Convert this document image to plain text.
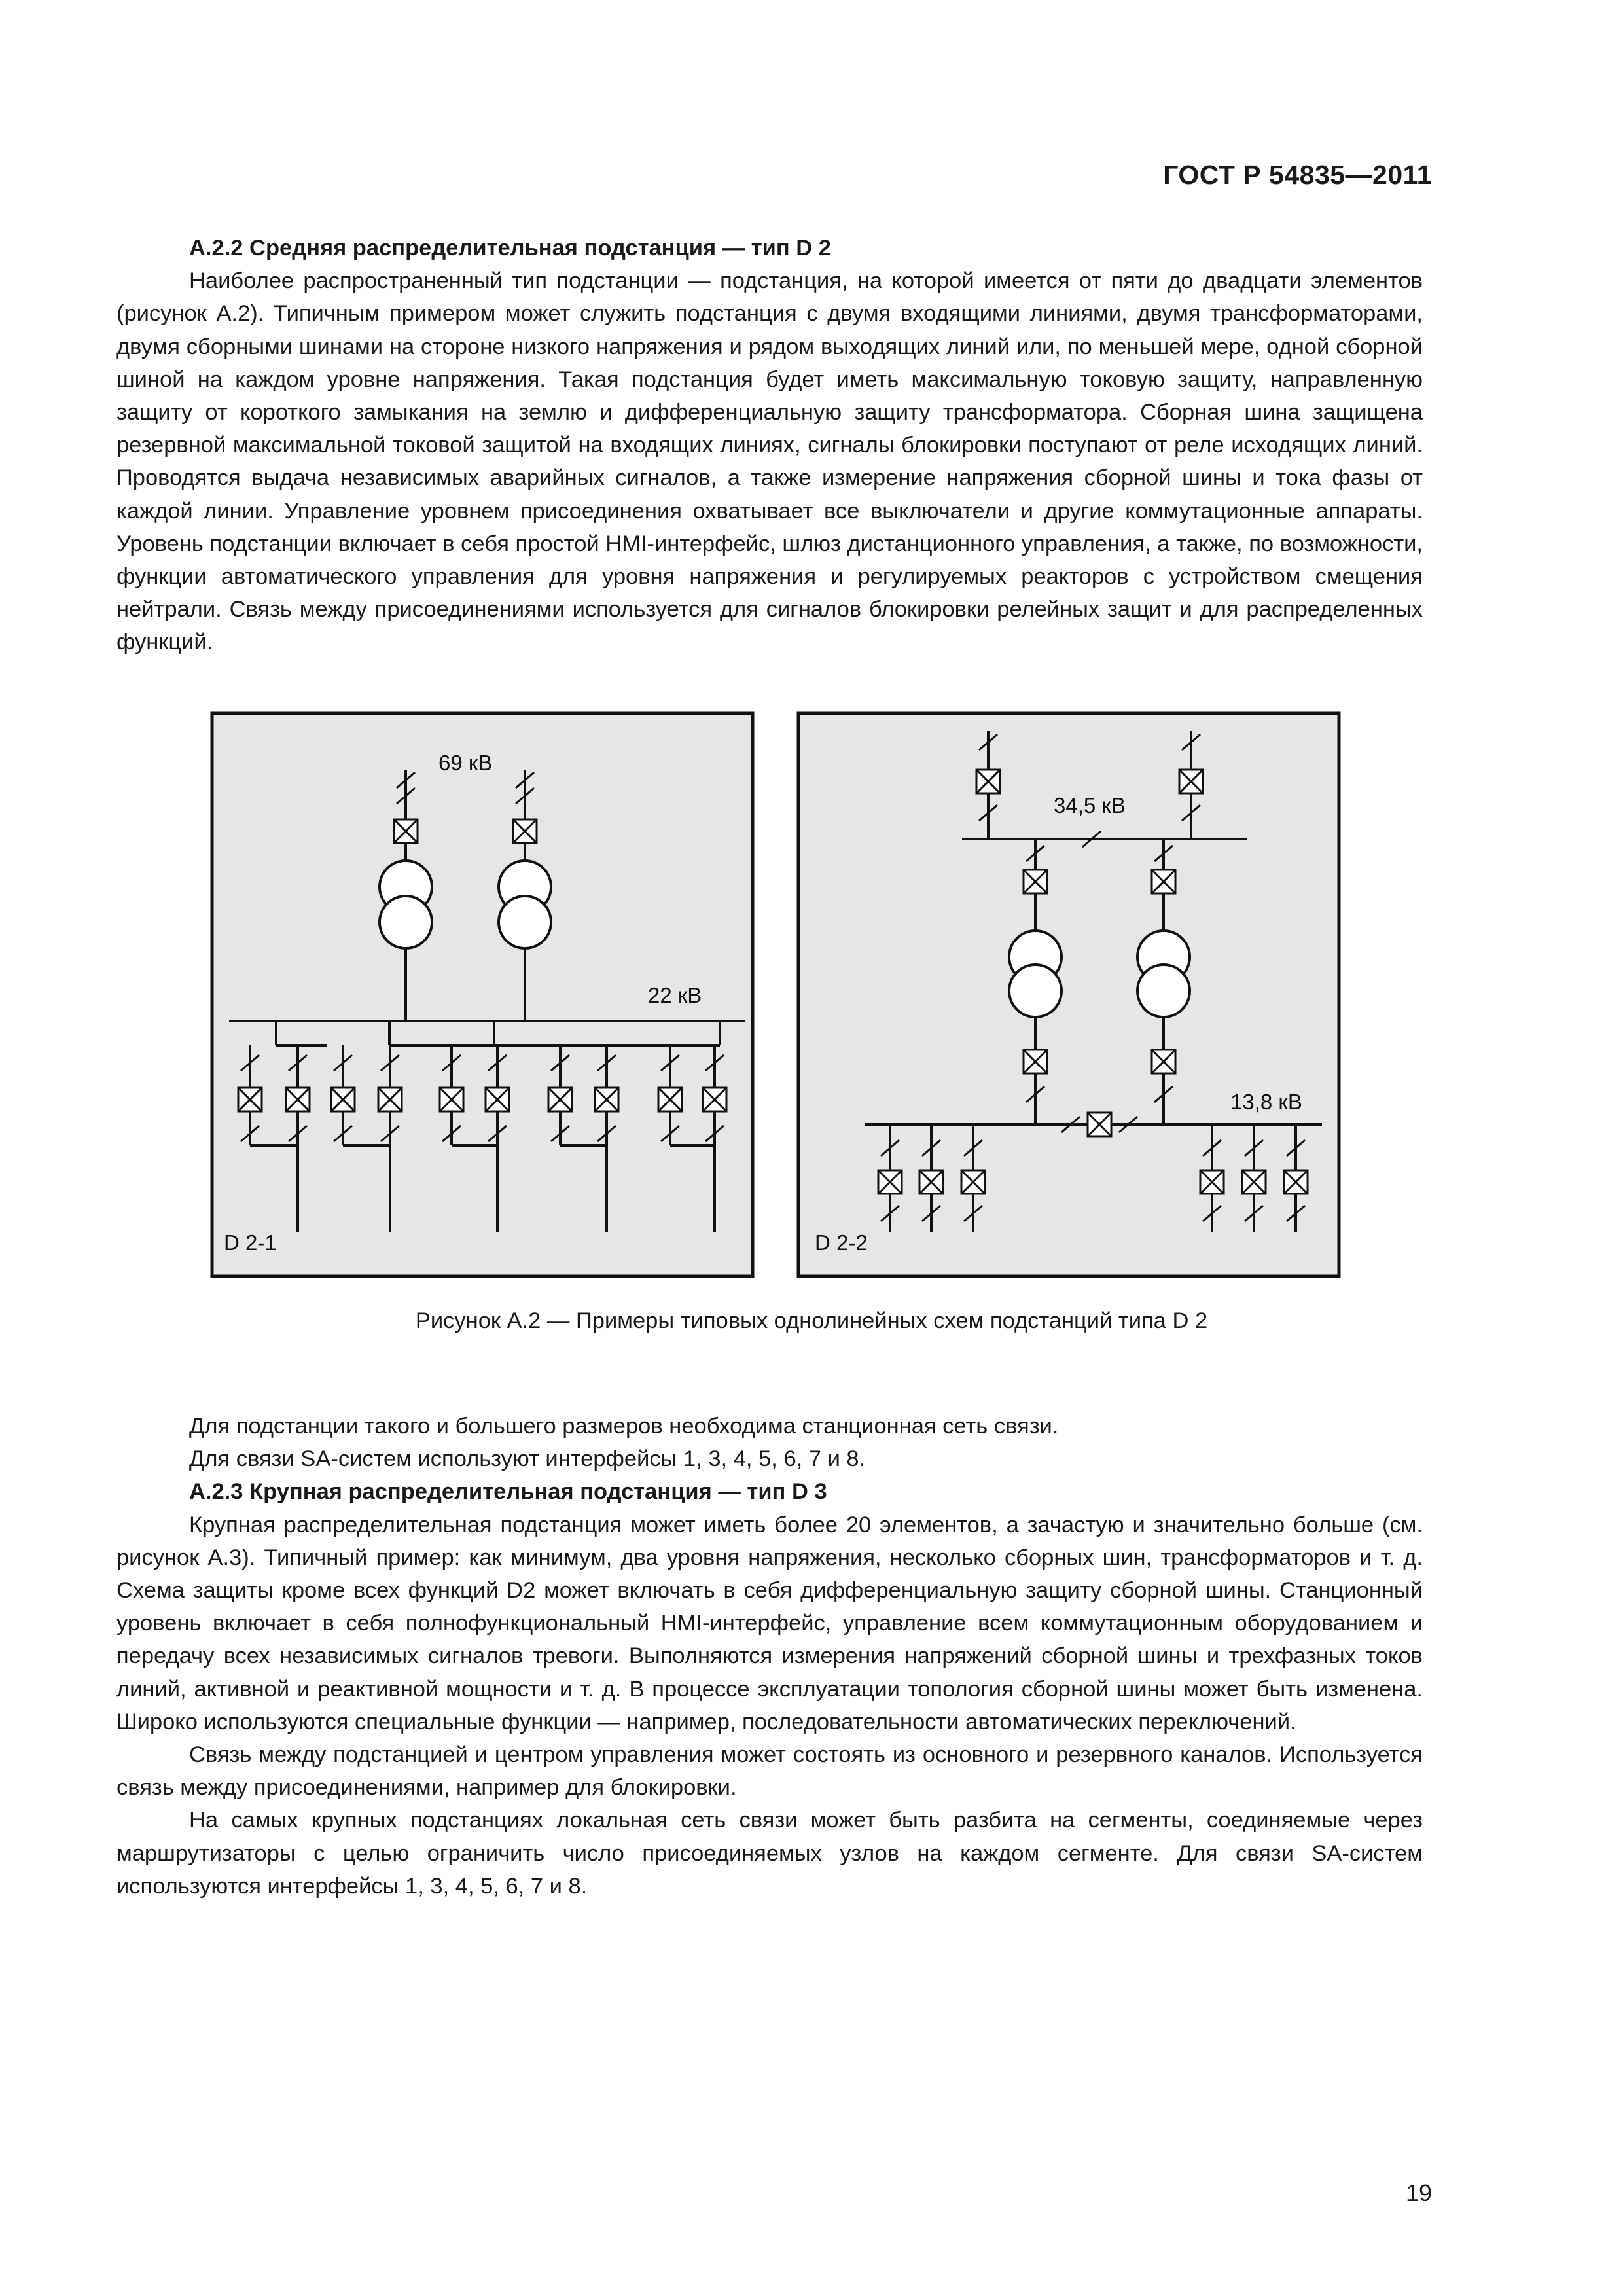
ГОСТ Р 54835—2011

А.2.2 Средняя распределительная подстанция — тип D 2

Наиболее распространенный тип подстанции — подстанция, на которой имеется от пяти до двадцати элементов (рисунок А.2). Типичным примером может служить подстанция с двумя входящими линиями, двумя трансформаторами, двумя сборными шинами на стороне низкого напряжения и рядом выходящих линий или, по меньшей мере, одной сборной шиной на каждом уровне напряжения. Такая подстанция будет иметь максимальную токовую защиту, направленную защиту от короткого замыкания на землю и дифференциальную защиту трансформатора. Сборная шина защищена резервной максимальной токовой защитой на входящих линиях, сигналы блокировки поступают от реле исходящих линий. Проводятся выдача независимых аварийных сигналов, а также измерение напряжения сборной шины и тока фазы от каждой линии. Управление уровнем присоединения охватывает все выключатели и другие коммутационные аппараты. Уровень подстанции включает в себя простой HMI-интерфейс, шлюз дистанционного управления, а также, по возможности, функции автоматического управления для уровня напряжения и регулируемых реакторов с устройством смещения нейтрали. Связь между присоединениями используется для сигналов блокировки релейных защит и для распределенных функций.

69 кВ
22 кВ
D 2-1
34,5 кВ
13,8 кВ
D 2-2
Рисунок А.2 — Примеры типовых однолинейных схем подстанций типа D 2

Для подстанции такого и большего размеров необходима станционная сеть связи.

Для связи SA-систем используют интерфейсы 1, 3, 4, 5, 6, 7 и 8.

А.2.3 Крупная распределительная подстанция — тип D 3

Крупная распределительная подстанция может иметь более 20 элементов, а зачастую и значительно больше (см. рисунок А.3). Типичный пример: как минимум, два уровня напряжения, несколько сборных шин, трансформаторов и т. д. Схема защиты кроме всех функций D2 может включать в себя дифференциальную защиту сборной шины. Станционный уровень включает в себя полнофункциональный HMI-интерфейс, управление всем коммутационным оборудованием и передачу всех независимых сигналов тревоги. Выполняются измерения напряжений сборной шины и трехфазных токов линий, активной и реактивной мощности и т. д. В процессе эксплуатации топология сборной шины может быть изменена. Широко используются специальные функции — например, последовательности автоматических переключений.

Связь между подстанцией и центром управления может состоять из основного и резервного каналов. Используется связь между присоединениями, например для блокировки.

На самых крупных подстанциях локальная сеть связи может быть разбита на сегменты, соединяемые через маршрутизаторы с целью ограничить число присоединяемых узлов на каждом сегменте. Для связи SA-систем используются интерфейсы 1, 3, 4, 5, 6, 7 и 8.

19
